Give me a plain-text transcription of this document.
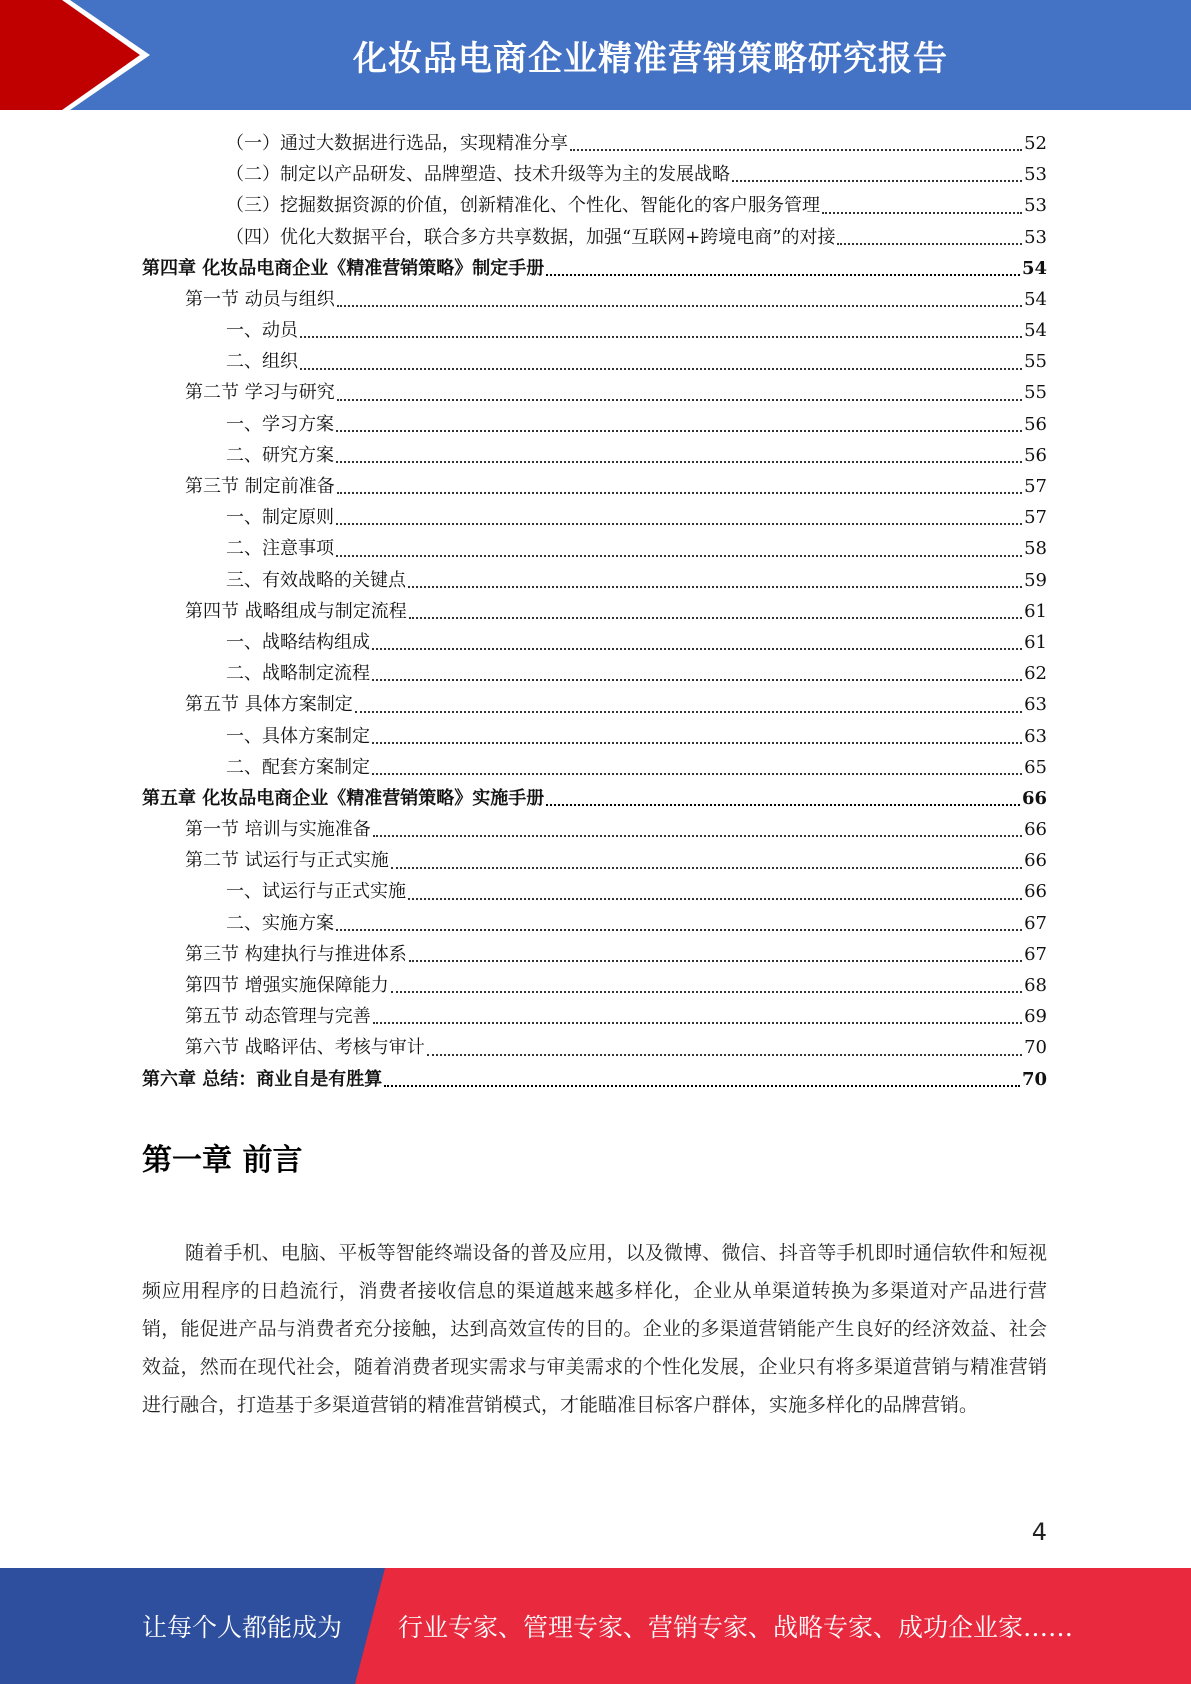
化妆品电商企业精准营销策略研究报告
（一）通过大数据进行选品，实现精准分享	52
（二）制定以产品研发、品牌塑造、技术升级等为主的发展战略	53
（三）挖掘数据资源的价值，创新精准化、个性化、智能化的客户服务管理	53
（四）优化大数据平台，联合多方共享数据，加强“互联网+跨境电商”的对接	53
第四章 化妆品电商企业《精准营销策略》制定手册	54
第一节 动员与组织	54
一、动员	54
二、组织	55
第二节 学习与研究	55
一、学习方案	56
二、研究方案	56
第三节 制定前准备	57
一、制定原则	57
二、注意事项	58
三、有效战略的关键点	59
第四节 战略组成与制定流程	61
一、战略结构组成	61
二、战略制定流程	62
第五节 具体方案制定	63
一、具体方案制定	63
二、配套方案制定	65
第五章 化妆品电商企业《精准营销策略》实施手册	66
第一节 培训与实施准备	66
第二节 试运行与正式实施	66
一、试运行与正式实施	66
二、实施方案	67
第三节 构建执行与推进体系	67
第四节 增强实施保障能力	68
第五节 动态管理与完善	69
第六节 战略评估、考核与审计	70
第六章 总结：商业自是有胜算	70
第一章 前言
随着手机、电脑、平板等智能终端设备的普及应用，以及微博、微信、抖音等手机即时通信软件和短视频应用程序的日趋流行，消费者接收信息的渠道越来越多样化，企业从单渠道转换为多渠道对产品进行营销，能促进产品与消费者充分接触，达到高效宣传的目的。企业的多渠道营销能产生良好的经济效益、社会效益，然而在现代社会，随着消费者现实需求与审美需求的个性化发展，企业只有将多渠道营销与精准营销进行融合，打造基于多渠道营销的精准营销模式，才能瞄准目标客户群体，实施多样化的品牌营销。
4
让每个人都能成为 行业专家、管理专家、营销专家、战略专家、成功企业家……
